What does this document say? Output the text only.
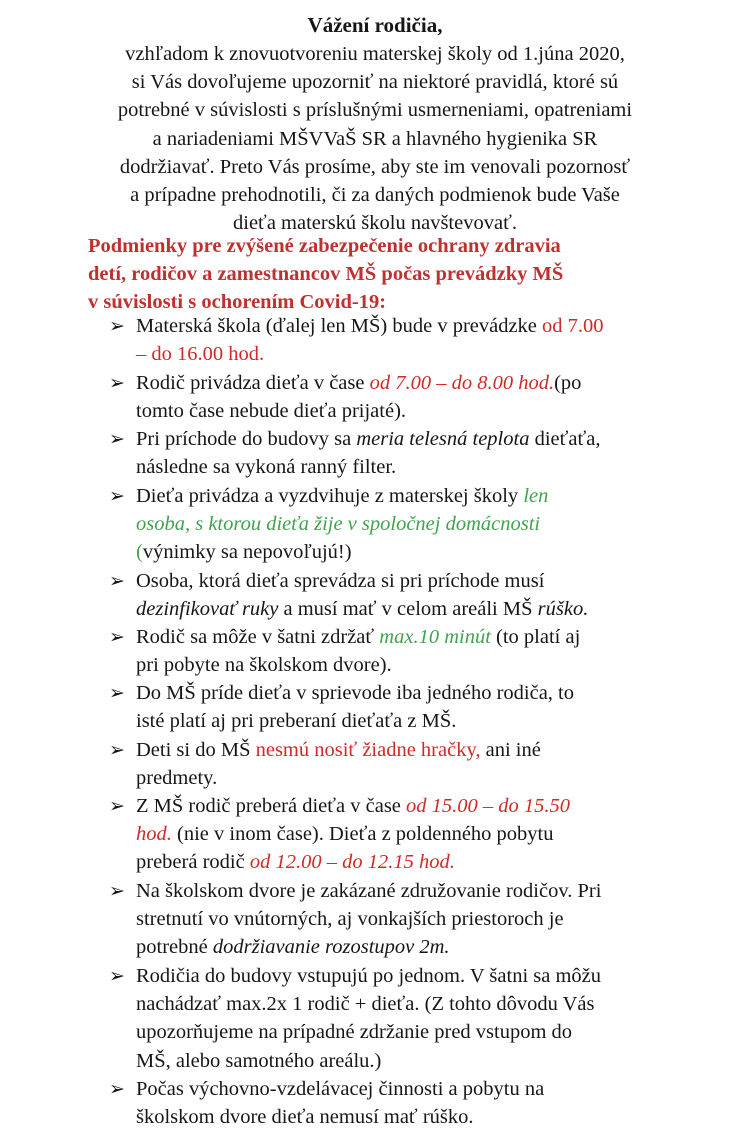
Vážení rodičia,
vzhľadom k znovuotvoreniu materskej školy od 1.júna 2020,
si Vás dovoľujeme upozorniť na niektoré pravidlá, ktoré sú
potrebné v súvislosti s príslušnými usmerneniami, opatreniami
a nariadeniami MŠVVaŠ SR a hlavného hygienika SR
dodržiavať. Preto Vás prosíme, aby ste im venovali pozornosť
a prípadne prehodnotili, či za daných podmienok bude Vaše
dieťa materskú školu navštevovať.
Podmienky pre zvýšené zabezpečenie ochrany zdravia
detí, rodičov a zamestnancov MŠ počas prevádzky MŠ
v súvislosti s ochorením Covid-19:
➢ Materská škola (ďalej len MŠ) bude v prevádzke od 7.00
– do 16.00 hod.
➢ Rodič privádza dieťa v čase od 7.00 – do 8.00 hod.(po
tomto čase nebude dieťa prijaté).
➢ Pri príchode do budovy sa meria telesná teplota dieťaťa,
následne sa vykoná ranný filter.
➢ Dieťa privádza a vyzdvihuje z materskej školy len
osoba, s ktorou dieťa žije v spoločnej domácnosti
(výnimky sa nepovoľujú!)
➢ Osoba, ktorá dieťa sprevádza si pri príchode musí
dezinfikovať ruky a musí mať v celom areáli MŠ rúško.
➢ Rodič sa môže v šatni zdržať max.10 minút (to platí aj
pri pobyte na školskom dvore).
➢ Do MŠ príde dieťa v sprievode iba jedného rodiča, to
isté platí aj pri preberaní dieťaťa z MŠ.
➢ Deti si do MŠ nesmú nosiť žiadne hračky, ani iné
predmety.
➢ Z MŠ rodič preberá dieťa v čase od 15.00 – do 15.50
hod. (nie v inom čase). Dieťa z poldenného pobytu
preberá rodič od 12.00 – do 12.15 hod.
➢ Na školskom dvore je zakázané združovanie rodičov. Pri
stretnutí vo vnútorných, aj vonkajších priestoroch je
potrebné dodržiavanie rozostupov 2m.
➢ Rodičia do budovy vstupujú po jednom. V šatni sa môžu
nachádzať max.2x 1 rodič + dieťa. (Z tohto dôvodu Vás
upozorňujeme na prípadné zdržanie pred vstupom do
MŠ, alebo samotného areálu.)
➢ Počas výchovno-vzdelávacej činnosti a pobytu na
školskom dvore dieťa nemusí mať rúško.
